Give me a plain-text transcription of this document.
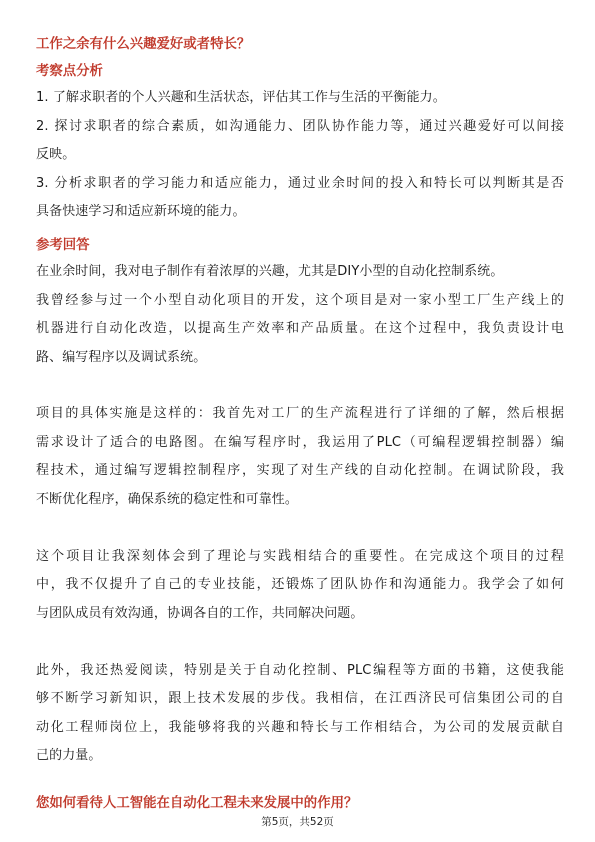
工作之余有什么兴趣爱好或者特长？
考察点分析
1. 了解求职者的个人兴趣和生活状态，评估其工作与生活的平衡能力。
2. 探讨求职者的综合素质，如沟通能力、团队协作能力等，通过兴趣爱好可以间接
反映。
3. 分析求职者的学习能力和适应能力，通过业余时间的投入和特长可以判断其是否
具备快速学习和适应新环境的能力。
参考回答
在业余时间，我对电子制作有着浓厚的兴趣，尤其是DIY小型的自动化控制系统。
我曾经参与过一个小型自动化项目的开发，这个项目是对一家小型工厂生产线上的
机器进行自动化改造，以提高生产效率和产品质量。在这个过程中，我负责设计电
路、编写程序以及调试系统。
项目的具体实施是这样的：我首先对工厂的生产流程进行了详细的了解，然后根据
需求设计了适合的电路图。在编写程序时，我运用了PLC（可编程逻辑控制器）编
程技术，通过编写逻辑控制程序，实现了对生产线的自动化控制。在调试阶段，我
不断优化程序，确保系统的稳定性和可靠性。
这个项目让我深刻体会到了理论与实践相结合的重要性。在完成这个项目的过程
中，我不仅提升了自己的专业技能，还锻炼了团队协作和沟通能力。我学会了如何
与团队成员有效沟通，协调各自的工作，共同解决问题。
此外，我还热爱阅读，特别是关于自动化控制、PLC编程等方面的书籍，这使我能
够不断学习新知识，跟上技术发展的步伐。我相信，在江西济民可信集团公司的自
动化工程师岗位上，我能够将我的兴趣和特长与工作相结合，为公司的发展贡献自
己的力量。
您如何看待人工智能在自动化工程未来发展中的作用？
第5页，共52页
